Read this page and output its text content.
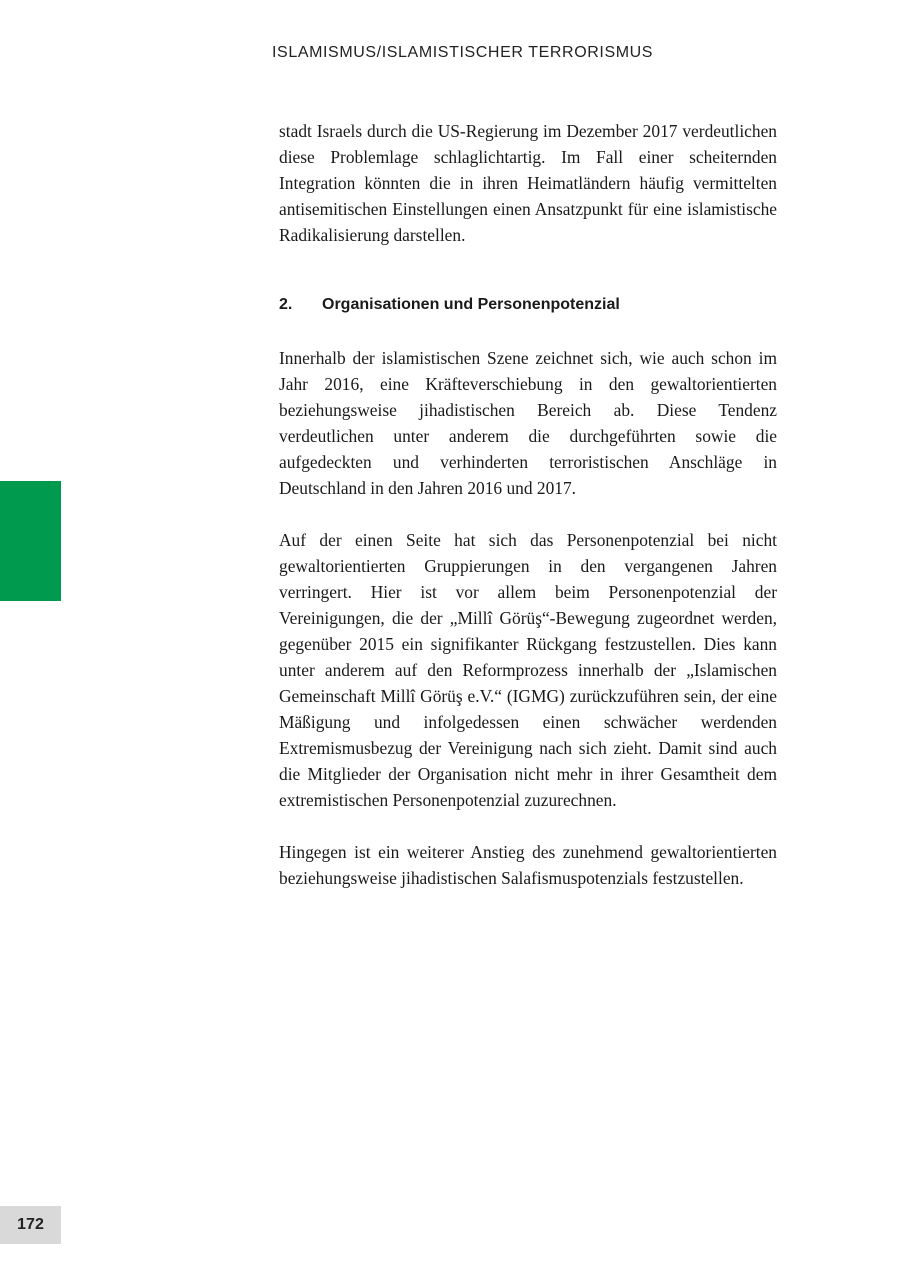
ISLAMISMUS/ISLAMISTISCHER TERRORISMUS

stadt Israels durch die US-Regierung im Dezember 2017 verdeutlichen diese Problemlage schlaglichtartig. Im Fall einer scheiternden Integration könnten die in ihren Heimatländern häufig vermittelten antisemitischen Einstellungen einen Ansatzpunkt für eine islamistische Radikalisierung darstellen.

2.	Organisationen und Personenpotenzial

Innerhalb der islamistischen Szene zeichnet sich, wie auch schon im Jahr 2016, eine Kräfteverschiebung in den gewaltorientierten beziehungsweise jihadistischen Bereich ab. Diese Tendenz verdeutlichen unter anderem die durchgeführten sowie die aufgedeckten und verhinderten terroristischen Anschläge in Deutschland in den Jahren 2016 und 2017.

Auf der einen Seite hat sich das Personenpotenzial bei nicht gewaltorientierten Gruppierungen in den vergangenen Jahren verringert. Hier ist vor allem beim Personenpotenzial der Vereinigungen, die der „Millî Görüş“-Bewegung zugeordnet werden, gegenüber 2015 ein signifikanter Rückgang festzustellen. Dies kann unter anderem auf den Reformprozess innerhalb der „Islamischen Gemeinschaft Millî Görüş e.V.“ (IGMG) zurückzuführen sein, der eine Mäßigung und infolgedessen einen schwächer werdenden Extremismusbezug der Vereinigung nach sich zieht. Damit sind auch die Mitglieder der Organisation nicht mehr in ihrer Gesamtheit dem extremistischen Personenpotenzial zuzurechnen.

Hingegen ist ein weiterer Anstieg des zunehmend gewaltorientierten beziehungsweise jihadistischen Salafismuspotenzials festzustellen.

172
